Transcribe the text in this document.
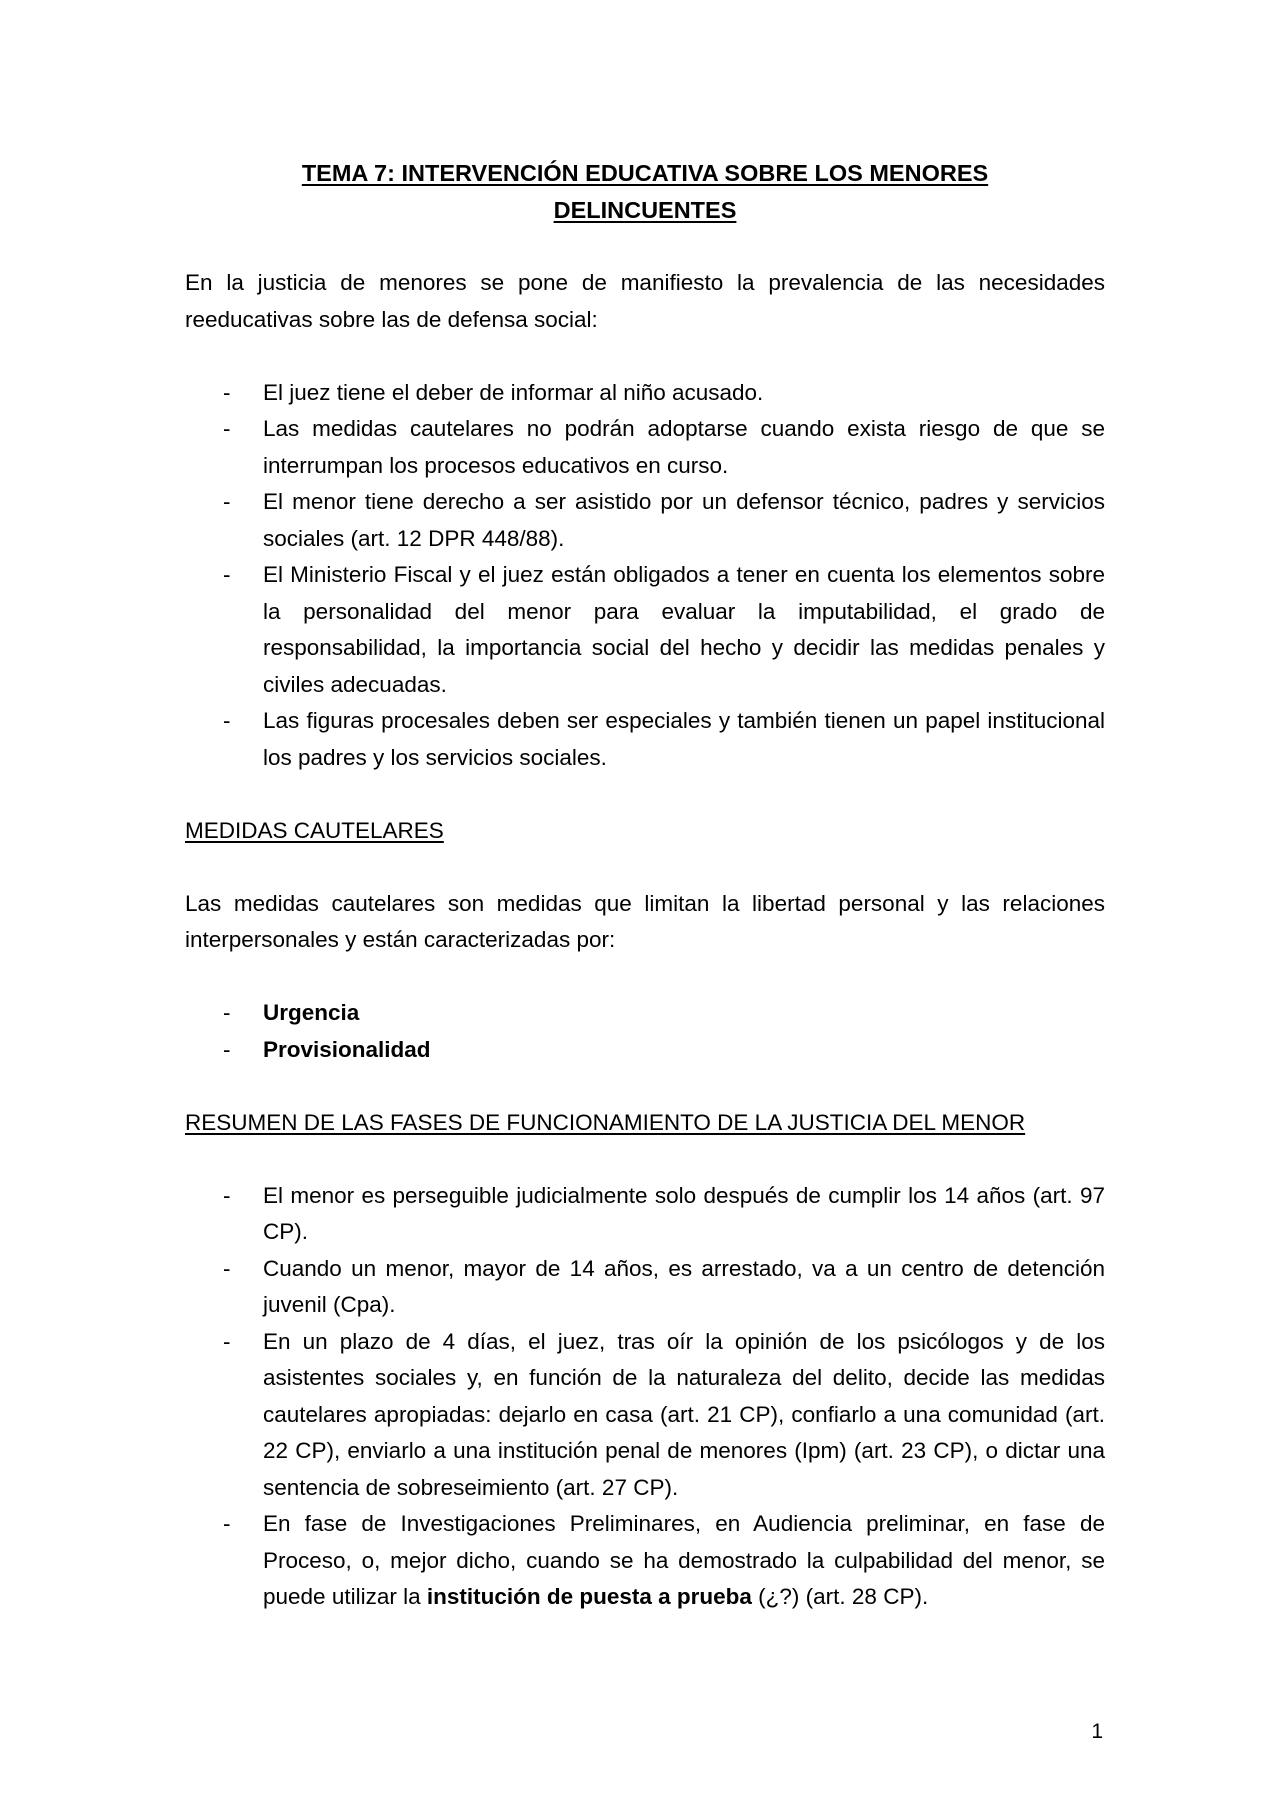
TEMA 7: INTERVENCIÓN EDUCATIVA SOBRE LOS MENORES
DELINCUENTES

En la justicia de menores se pone de manifiesto la prevalencia de las necesidades reeducativas sobre las de defensa social:

- El juez tiene el deber de informar al niño acusado.
- Las medidas cautelares no podrán adoptarse cuando exista riesgo de que se interrumpan los procesos educativos en curso.
- El menor tiene derecho a ser asistido por un defensor técnico, padres y servicios sociales (art. 12 DPR 448/88).
- El Ministerio Fiscal y el juez están obligados a tener en cuenta los elementos sobre la personalidad del menor para evaluar la imputabilidad, el grado de responsabilidad, la importancia social del hecho y decidir las medidas penales y civiles adecuadas.
- Las figuras procesales deben ser especiales y también tienen un papel institucional los padres y los servicios sociales.
MEDIDAS CAUTELARES

Las medidas cautelares son medidas que limitan la libertad personal y las relaciones interpersonales y están caracterizadas por:

- Urgencia
- Provisionalidad
RESUMEN DE LAS FASES DE FUNCIONAMIENTO DE LA JUSTICIA DEL MENOR
- El menor es perseguible judicialmente solo después de cumplir los 14 años (art. 97 CP).
- Cuando un menor, mayor de 14 años, es arrestado, va a un centro de detención juvenil (Cpa).
- En un plazo de 4 días, el juez, tras oír la opinión de los psicólogos y de los asistentes sociales y, en función de la naturaleza del delito, decide las medidas cautelares apropiadas: dejarlo en casa (art. 21 CP), confiarlo a una comunidad (art. 22 CP), enviarlo a una institución penal de menores (Ipm) (art. 23 CP), o dictar una sentencia de sobreseimiento (art. 27 CP).
- En fase de Investigaciones Preliminares, en Audiencia preliminar, en fase de Proceso, o, mejor dicho, cuando se ha demostrado la culpabilidad del menor, se puede utilizar la institución de puesta a prueba (¿?) (art. 28 CP).
1
